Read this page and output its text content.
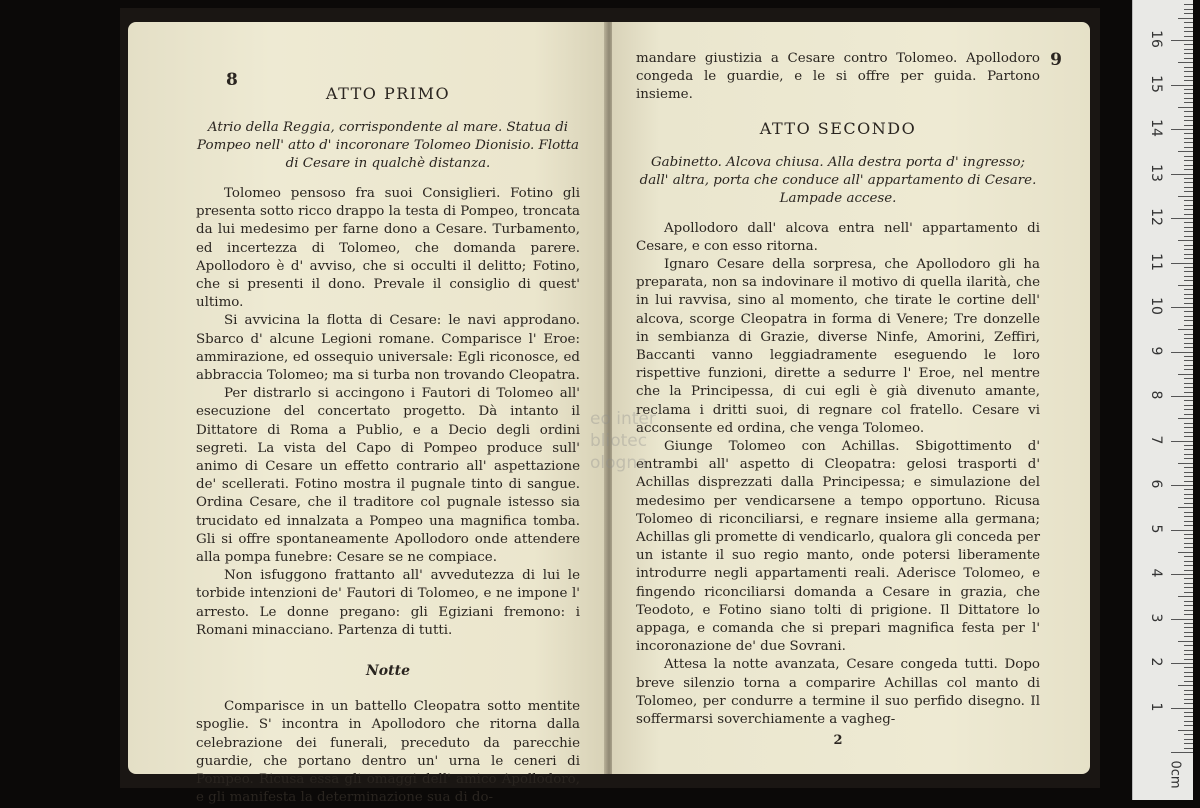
8
ATTO PRIMO
Atrio della Reggia, corrispondente al mare. Statua di Pompeo nell' atto d' incoronare Tolomeo Dionisio. Flotta di Cesare in qualchè distanza.

Tolomeo pensoso fra suoi Consiglieri. Fotino gli presenta sotto ricco drappo la testa di Pompeo, troncata da lui medesimo per farne dono a Cesare. Turbamento, ed incertezza di Tolomeo, che domanda parere. Apollodoro è d' avviso, che si occulti il delitto; Fotino, che si presenti il dono. Prevale il consiglio di quest' ultimo.

Si avvicina la flotta di Cesare: le navi approdano. Sbarco d' alcune Legioni romane. Comparisce l' Eroe: ammirazione, ed ossequio universale: Egli riconosce, ed abbraccia Tolomeo; ma si turba non trovando Cleopatra.

Per distrarlo si accingono i Fautori di Tolomeo all' esecuzione del concertato progetto. Dà intanto il Dittatore di Roma a Publio, e a Decio degli ordini segreti. La vista del Capo di Pompeo produce sull' animo di Cesare un effetto contrario all' aspettazione de' scellerati. Fotino mostra il pugnale tinto di sangue. Ordina Cesare, che il traditore col pugnale istesso sia trucidato ed innalzata a Pompeo una magnifica tomba. Gli si offre spontaneamente Apollodoro onde attendere alla pompa funebre: Cesare se ne compiace.

Non isfuggono frattanto all' avvedutezza di lui le torbide intenzioni de' Fautori di Tolomeo, e ne impone l' arresto. Le donne pregano: gli Egiziani fremono: i Romani minacciano. Partenza di tutti.

Notte

Comparisce in un battello Cleopatra sotto mentite spoglie. S' incontra in Apollodoro che ritorna dalla celebrazione dei funerali, preceduto da parecchie guardie, che portano dentro un' urna le ceneri di Pompeo. Ricusa essa gli omaggi dell' amico Apollodoro, e gli manifesta la determinazione sua di do-

9

mandare giustizia a Cesare contro Tolomeo. Apollodoro congeda le guardie, e le si offre per guida. Partono insieme.

ATTO SECONDO
Gabinetto. Alcova chiusa. Alla destra porta d' ingresso; dall' altra, porta che conduce all' appartamento di Cesare. Lampade accese.

Apollodoro dall' alcova entra nell' appartamento di Cesare, e con esso ritorna.

Ignaro Cesare della sorpresa, che Apollodoro gli ha preparata, non sa indovinare il motivo di quella ilarità, che in lui ravvisa, sino al momento, che tirate le cortine dell' alcova, scorge Cleopatra in forma di Venere; Tre donzelle in sembianza di Grazie, diverse Ninfe, Amorini, Zeffiri, Baccanti vanno leggiadramente eseguendo le loro rispettive funzioni, dirette a sedurre l' Eroe, nel mentre che la Principessa, di cui egli è già divenuto amante, reclama i dritti suoi, di regnare col fratello. Cesare vi acconsente ed ordina, che venga Tolomeo.

Giunge Tolomeo con Achillas. Sbigottimento d' entrambi all' aspetto di Cleopatra: gelosi trasporti d' Achillas disprezzati dalla Principessa; e simulazione del medesimo per vendicarsene a tempo opportuno. Ricusa Tolomeo di riconciliarsi, e regnare insieme alla germana; Achillas gli promette di vendicarlo, qualora gli conceda per un istante il suo regio manto, onde potersi liberamente introdurre negli appartamenti reali. Aderisce Tolomeo, e fingendo riconciliarsi domanda a Cesare in grazia, che Teodoto, e Fotino siano tolti di prigione. Il Dittatore lo appaga, e comanda che si prepari magnifica festa per l' incoronazione de' due Sovrani.

Attesa la notte avanzata, Cesare congeda tutti. Dopo breve silenzio torna a comparire Achillas col manto di Tolomeo, per condurre a termine il suo perfido disegno. Il soffermarsi soverchiamente a vagheg-

2
eo inter
bliotec
ologna
0cm
1
2
3
4
5
6
7
8
9
10
11
12
13
14
15
16
